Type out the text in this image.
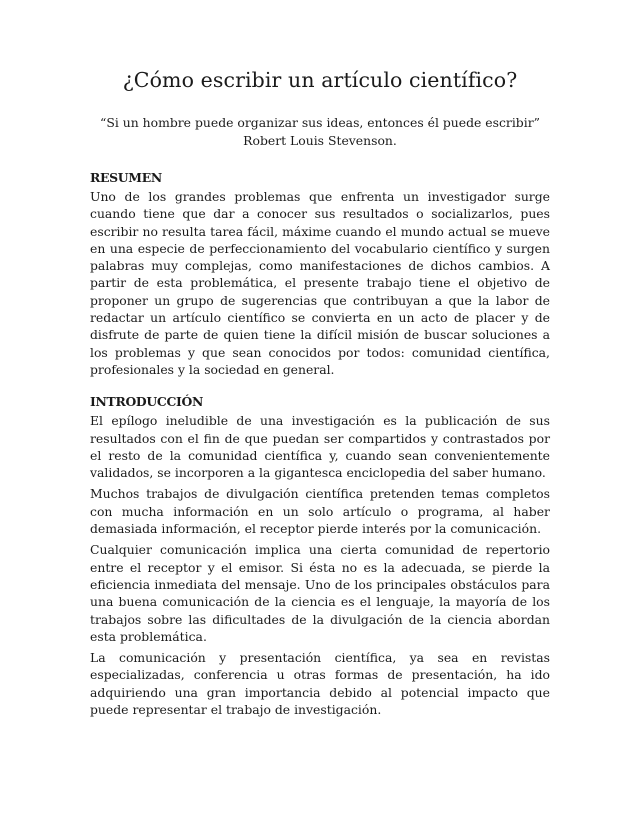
¿Cómo escribir un artículo científico?
“Si un hombre puede organizar sus ideas, entonces él puede escribir”
Robert Louis Stevenson.
RESUMEN

Uno de los grandes problemas que enfrenta un investigador surge cuando tiene que dar a conocer sus resultados o socializarlos, pues escribir no resulta tarea fácil, máxime cuando el mundo actual se mueve en una especie de perfeccionamiento del vocabulario científico y surgen palabras muy complejas, como manifestaciones de dichos cambios. A partir de esta problemática, el presente trabajo tiene el objetivo de proponer un grupo de sugerencias que contribuyan a que la labor de redactar un artículo científico se convierta en un acto de placer y de disfrute de parte de quien tiene la difícil misión de buscar soluciones a los problemas y que sean conocidos por todos: comunidad científica, profesionales y la sociedad en general.

INTRODUCCIÓN

El epílogo ineludible de una investigación es la publicación de sus resultados con el fin de que puedan ser compartidos y contrastados por el resto de la comunidad científica y, cuando sean convenientemente validados, se incorporen a la gigantesca enciclopedia del saber humano.

Muchos trabajos de divulgación científica pretenden temas completos con mucha información en un solo artículo o programa, al haber demasiada información, el receptor pierde interés por la comunicación.

Cualquier comunicación implica una cierta comunidad de repertorio entre el receptor y el emisor. Si ésta no es la adecuada, se pierde la eficiencia inmediata del mensaje. Uno de los principales obstáculos para una buena comunicación de la ciencia es el lenguaje, la mayoría de los trabajos sobre las dificultades de la divulgación de la ciencia abordan esta problemática.

La comunicación y presentación científica, ya sea en revistas especializadas, conferencia u otras formas de presentación, ha ido adquiriendo una gran importancia debido al potencial impacto que puede representar el trabajo de investigación.
